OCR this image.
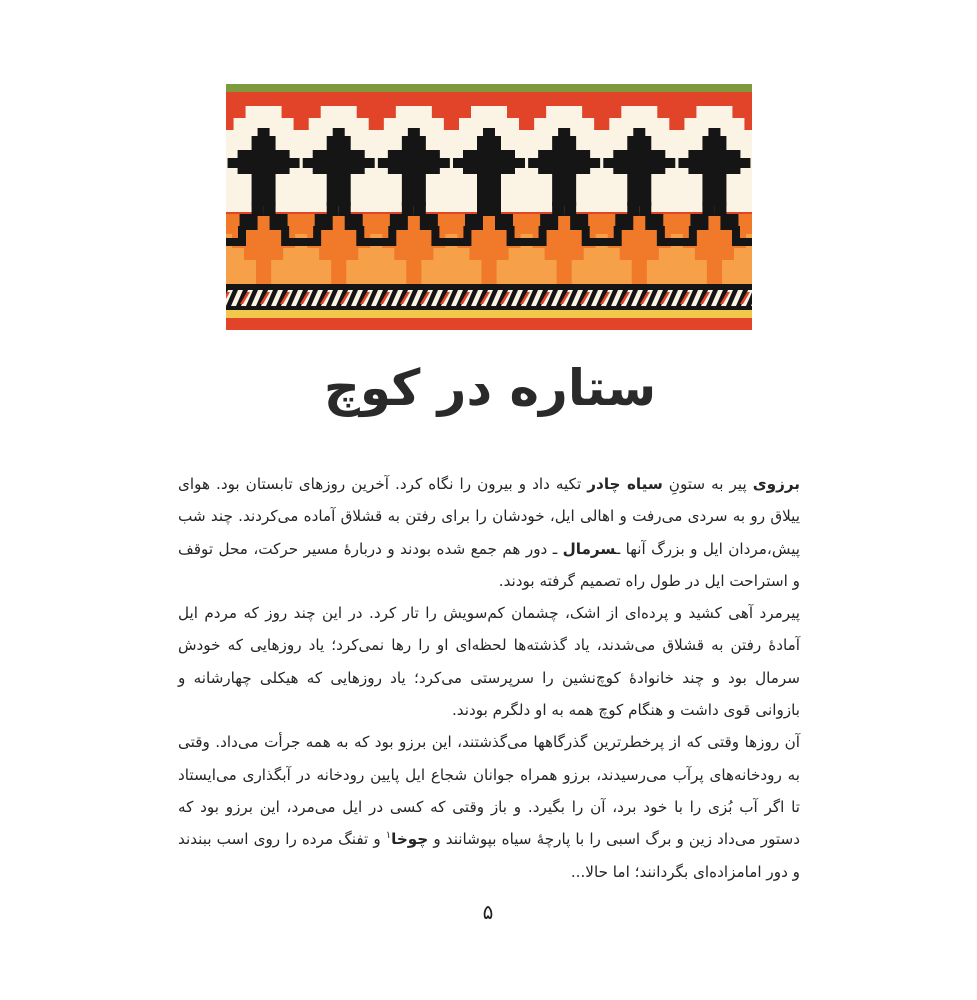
ستاره در کوچ

برزوی پیر به ستونِ سیاه چادر تکیه داد و بیرون را نگاه کرد. آخرین روزهای تابستان بود. هوای ییلاق رو به سردی می‌رفت و اهالی ایل، خودشان را برای رفتن به قشلاق آماده می‌کردند. چند شب پیش،مردان ایل و بزرگ آنها ـسرمال ـ دور هم جمع شده بودند و دربارهٔ مسیر حرکت، محل توقف و استراحت ایل در طول راه تصمیم گرفته بودند.

پیرمرد آهی کشید و پرده‌ای از اشک، چشمان کم‌سویش را تار کرد. در این چند روز که مردم ایل آمادهٔ رفتن به قشلاق می‌شدند، یاد گذشته‌ها لحظه‌ای او را رها نمی‌کرد؛ یاد روزهایی که خودش سرمال بود و چند خانوادهٔ کوچ‌نشین را سرپرستی می‌کرد؛ یاد روزهایی که هیکلی چهارشانه و بازوانی قوی داشت و هنگام کوچ همه به او دلگرم بودند.

آن روزها وقتی که از پرخطرترین گذرگاهها می‌گذشتند، این برزو بود که به همه جرأت می‌داد. وقتی به رودخانه‌های پرآب می‌رسیدند، برزو همراه جوانان شجاع ایل پایین رودخانه در آبگذاری می‌ایستاد تا اگر آب بُزی را با خود برد، آن را بگیرد. و باز وقتی که کسی در ایل می‌مرد، این برزو بود که دستور می‌داد زین و برگ اسبی را با پارچهٔ سیاه بپوشانند و چوخا$^١$ و تفنگ مرده را روی اسب ببندند و دور امامزاده‌ای بگردانند؛ اما حالا...

۵
